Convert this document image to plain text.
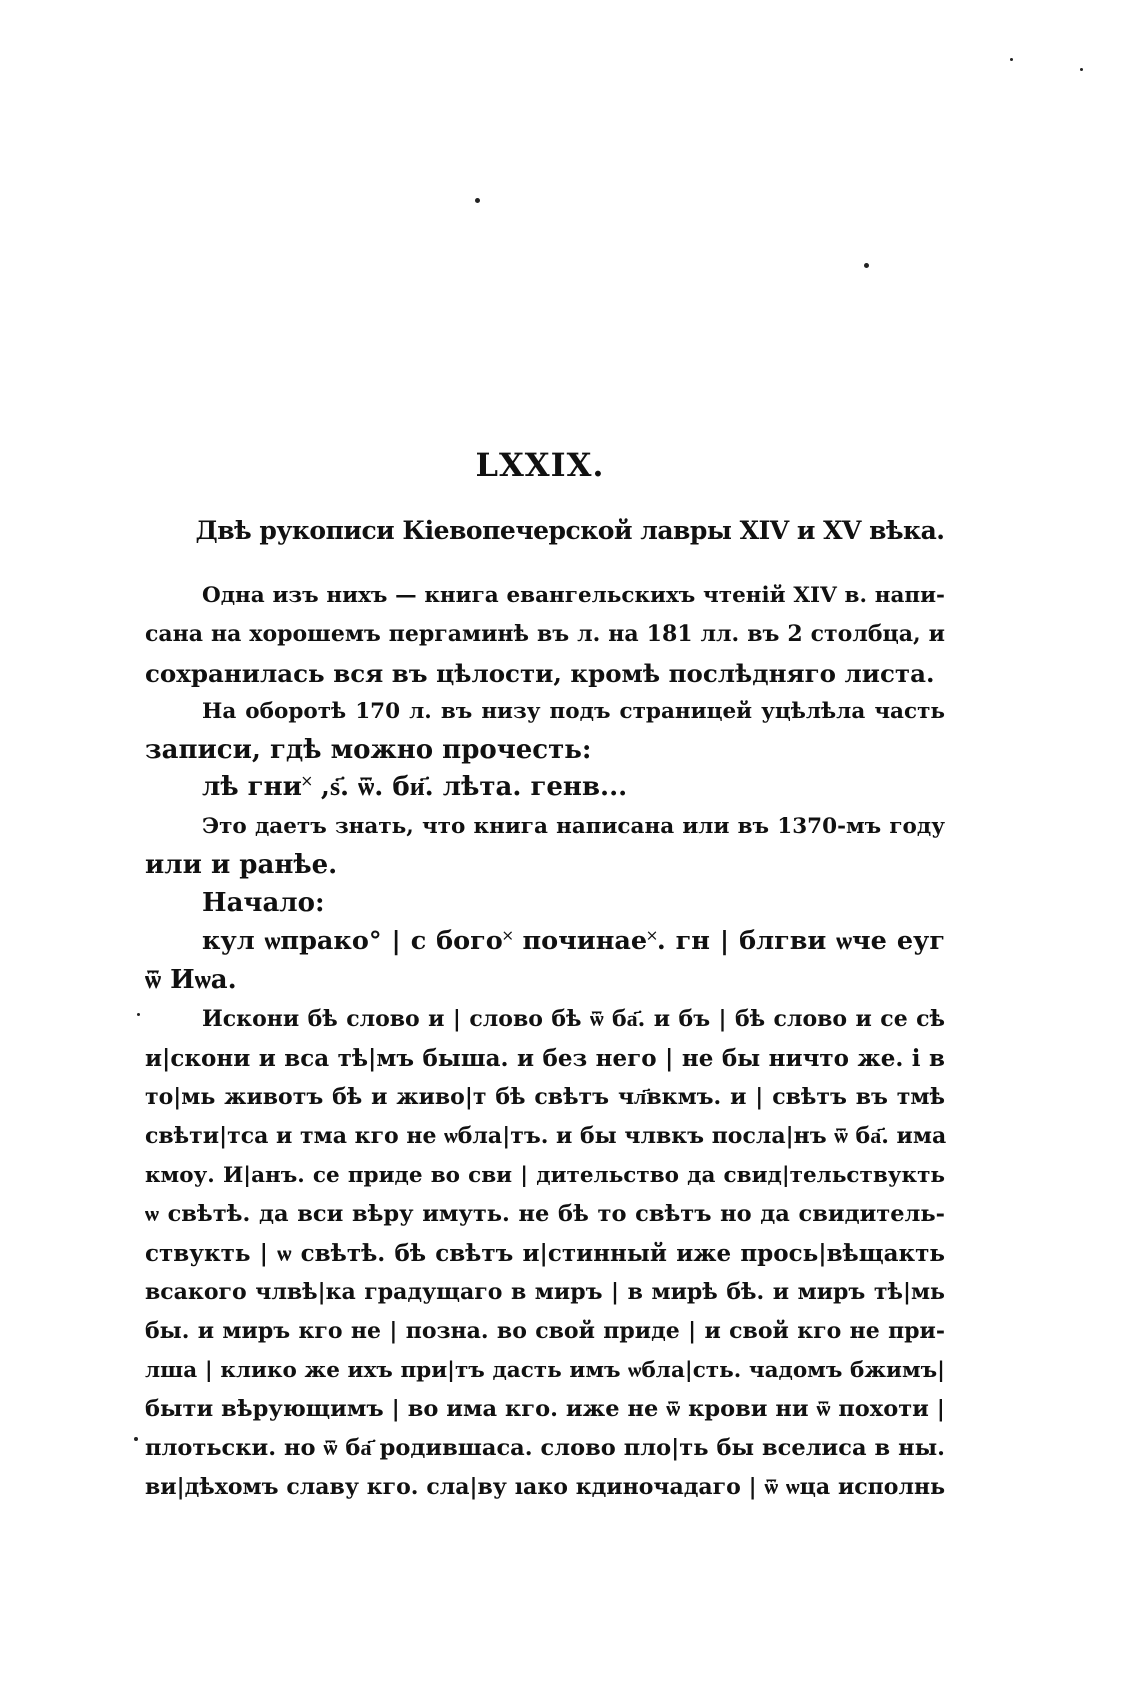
LXXIX.
Двѣ рукописи Кіевопечерской лавры XIV и XV вѣка.
Одна изъ нихъ — книга евангельскихъ чтеній XIV в. напи-
сана на хорошемъ пергаминѣ въ л. на 181 лл. въ 2 столбца, и
сохранилась вся въ цѣлости, кромѣ послѣдняго листа.
На оборотѣ 170 л. въ низу подъ страницей уцѣлѣла часть
записи, гдѣ можно прочесть:
лѣ гни˟ ,ѕ҃. ѿ. би҃. лѣта. генв...
Это даетъ знать, что книга написана или въ 1370-мъ году
или и ранѣе.
Начало:
кул ѡпрако° | с бого˟ починае˟. гн | блгви ѡче еуг
ѿ Иѡа.
Искони бѣ слово и | слово бѣ ѿ ба҃. и бъ | бѣ слово и се сѣ
и|скони и вса тѣ|мъ быша. и без него | не бы ничто же. і в
то|мь животъ бѣ и живо|т бѣ свѣтъ чл҃вкмъ. и | свѣтъ въ тмѣ
свѣти|тса и тма кго не ѡбла|тъ. и бы члвкъ посла|нъ ѿ ба҃. има
кмоу. И|анъ. се приде во сви | дительство да свид|тельствукть
ѡ свѣтѣ. да вси вѣру имуть. не бѣ то свѣтъ но да свидитель-
ствукть | ѡ свѣтѣ. бѣ свѣтъ и|стинный иже прось|вѣщакть
всакого члвѣ|ка градущаго в миръ | в мирѣ бѣ. и миръ тѣ|мь
бы. и миръ кго не | позна. во свой приде | и свой кго не при-
лша | клико же ихъ при|тъ дасть имъ ѡбла|сть. чадомъ бжимъ|
быти вѣрующимъ | во има кго. иже не ѿ крови ни ѿ похоти |
плотьски. но ѿ ба҃ родившаса. слово пло|ть бы вселиса в ны.
ви|дѣхомъ славу кго. сла|ву ıако кдиночадаго | ѿ ѡца исполнь
